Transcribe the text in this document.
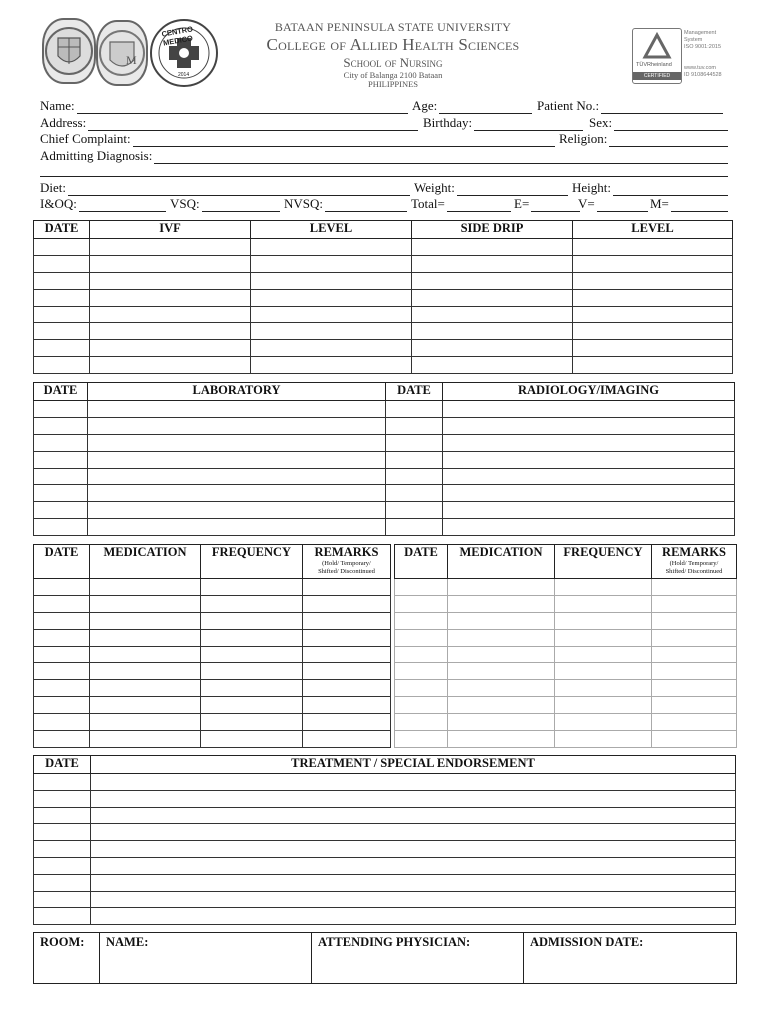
M
CENTRO MEDICO
2014
BATAAN PENINSULA STATE UNIVERSITY
College of Allied Health Sciences
School of Nursing
City of Balanga 2100 Bataan
PHILIPPINES
TÜVRheinland
CERTIFIED
Management
System
ISO 9001:2015
www.tuv.com
ID 9108644528
Name:	Age:	Patient No.:
Address:	Birthday:	Sex:
Chief Complaint:	Religion:
Admitting Diagnosis:
Diet:	Weight:	Height:
I&OQ:	VSQ:	NVSQ:	Total=	E=	V=	M=
DATE	IVF	LEVEL	SIDE DRIP	LEVEL

DATE	LABORATORY	DATE	RADIOLOGY/IMAGING

DATE	MEDICATION	FREQUENCY	REMARKS
(Hold/ Temporary/
Shifted/ Discontinued

DATE	MEDICATION	FREQUENCY	REMARKS
(Hold/ Temporary/
Shifted/ Discontinued

DATE	TREATMENT / SPECIAL ENDORSEMENT

ROOM:	NAME:	ATTENDING PHYSICIAN:	ADMISSION DATE:
